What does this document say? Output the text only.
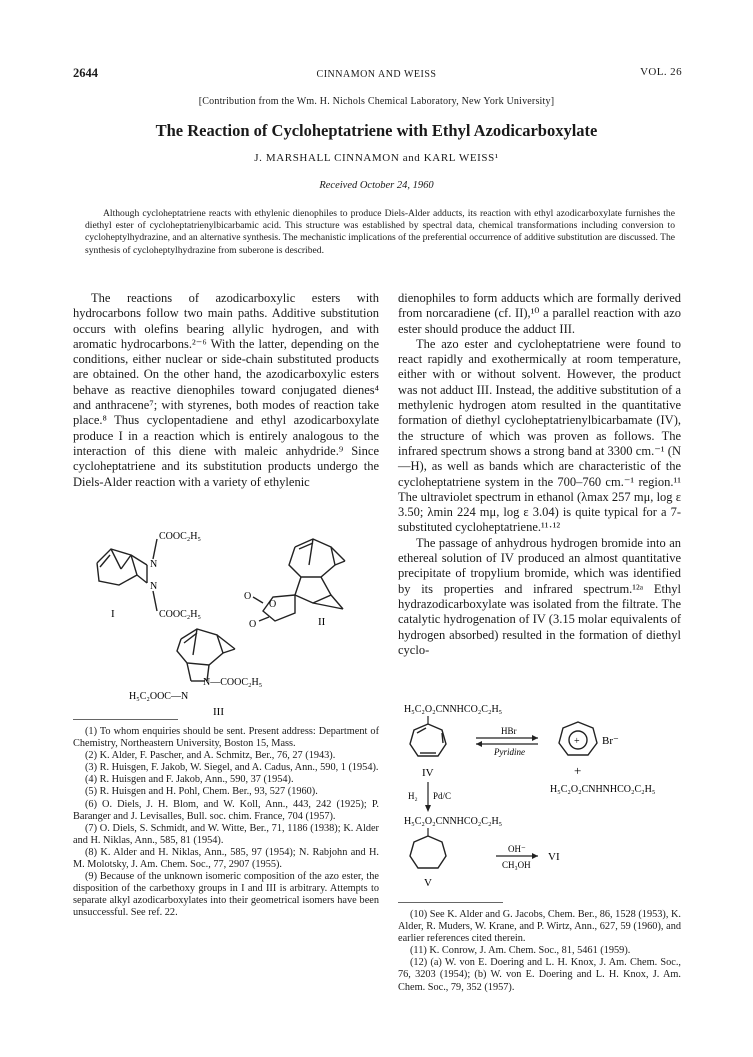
2644	CINNAMON AND WEISS	VOL. 26
[Contribution from the Wm. H. Nichols Chemical Laboratory, New York University]
The Reaction of Cycloheptatriene with Ethyl Azodicarboxylate
J. MARSHALL CINNAMON and KARL WEISS¹
Received October 24, 1960
Although cycloheptatriene reacts with ethylenic dienophiles to produce Diels-Alder adducts, its reaction with ethyl azodicarboxylate furnishes the diethyl ester of cycloheptatrienylbicarbamic acid. This structure was established by spectral data, chemical transformations including conversion to cycloheptylhydrazine, and an alternative synthesis. The mechanistic implications of the preferential occurrence of additive substitution are discussed. The synthesis of cycloheptylhydrazine from suberone is described.

The reactions of azodicarboxylic esters with hydrocarbons follow two main paths. Additive substitution occurs with olefins bearing allylic hydrogen, and with aromatic hydrocarbons.²⁻⁶ With the latter, depending on the conditions, either nuclear or side-chain substituted products are obtained. On the other hand, the azodicarboxylic esters behave as reactive dienophiles toward conjugated dienes⁴ and anthracene⁷; with styrenes, both modes of reaction take place.⁸ Thus cyclopentadiene and ethyl azodicarboxylate produce I in a reaction which is entirely analogous to the interaction of this diene with maleic anhydride.⁹ Since cycloheptatriene and its substitution products undergo the Diels-Alder reaction with a variety of ethylenic

N
N
COOC₂H₅
COOC₂H₅
I
O
O
O	II
N—COOC₂H₅
H₅C₂OOC—N
III

dienophiles to form adducts which are formally derived from norcaradiene (cf. II),¹⁰ a parallel reaction with azo ester should produce the adduct III.

The azo ester and cycloheptatriene were found to react rapidly and exothermically at room temperature, either with or without solvent. However, the product was not adduct III. Instead, the additive substitution of a methylenic hydrogen atom resulted in the quantitative formation of diethyl cycloheptatrienylbicarbamate (IV), the structure of which was proven as follows. The infrared spectrum shows a strong band at 3300 cm.⁻¹ (N—H), as well as bands which are characteristic of the cycloheptatriene system in the 700–760 cm.⁻¹ region.¹¹ The ultraviolet spectrum in ethanol (λmax 257 mμ, log ε 3.50; λmin 224 mμ, log ε 3.04) is quite typical for a 7-substituted cycloheptatriene.¹¹·¹²

The passage of anhydrous hydrogen bromide into an ethereal solution of IV produced an almost quantitative precipitate of tropylium bromide, which was identified by its properties and infrared spectrum.¹²ᵃ Ethyl hydrazodicarboxylate was isolated from the filtrate. The catalytic hydrogenation of IV (3.15 molar equivalents of hydrogen absorbed) resulted in the formation of diethyl cyclo-

H₅C₂O₂CNNHCO₂C₂H₅
IV
HBr
Pyridine
+ Br⁻
+
H₅C₂O₂CNHNHCO₂C₂H₅
H₂ Pd/C
H₅C₂O₂CNNHCO₂C₂H₅
V
OH⁻
CH₃OH
VI

(1) To whom enquiries should be sent. Present address: Department of Chemistry, Northeastern University, Boston 15, Mass.

(2) K. Alder, F. Pascher, and A. Schmitz, Ber., 76, 27 (1943).

(3) R. Huisgen, F. Jakob, W. Siegel, and A. Cadus, Ann., 590, 1 (1954).

(4) R. Huisgen and F. Jakob, Ann., 590, 37 (1954).

(5) R. Huisgen and H. Pohl, Chem. Ber., 93, 527 (1960).

(6) O. Diels, J. H. Blom, and W. Koll, Ann., 443, 242 (1925); P. Baranger and J. Levisalles, Bull. soc. chim. France, 704 (1957).

(7) O. Diels, S. Schmidt, and W. Witte, Ber., 71, 1186 (1938); K. Alder and H. Niklas, Ann., 585, 81 (1954).

(8) K. Alder and H. Niklas, Ann., 585, 97 (1954); N. Rabjohn and H. M. Molotsky, J. Am. Chem. Soc., 77, 2907 (1955).

(9) Because of the unknown isomeric composition of the azo ester, the disposition of the carbethoxy groups in I and III is arbitrary. Attempts to separate alkyl azodicarboxylates into their geometrical isomers have been unsuccessful. See ref. 22.	(10) See K. Alder and G. Jacobs, Chem. Ber., 86, 1528 (1953), K. Alder, R. Muders, W. Krane, and P. Wirtz, Ann., 627, 59 (1960), and earlier references cited therein.

(11) K. Conrow, J. Am. Chem. Soc., 81, 5461 (1959).

(12) (a) W. von E. Doering and L. H. Knox, J. Am. Chem. Soc., 76, 3203 (1954); (b) W. von E. Doering and L. H. Knox, J. Am. Chem. Soc., 79, 352 (1957).
